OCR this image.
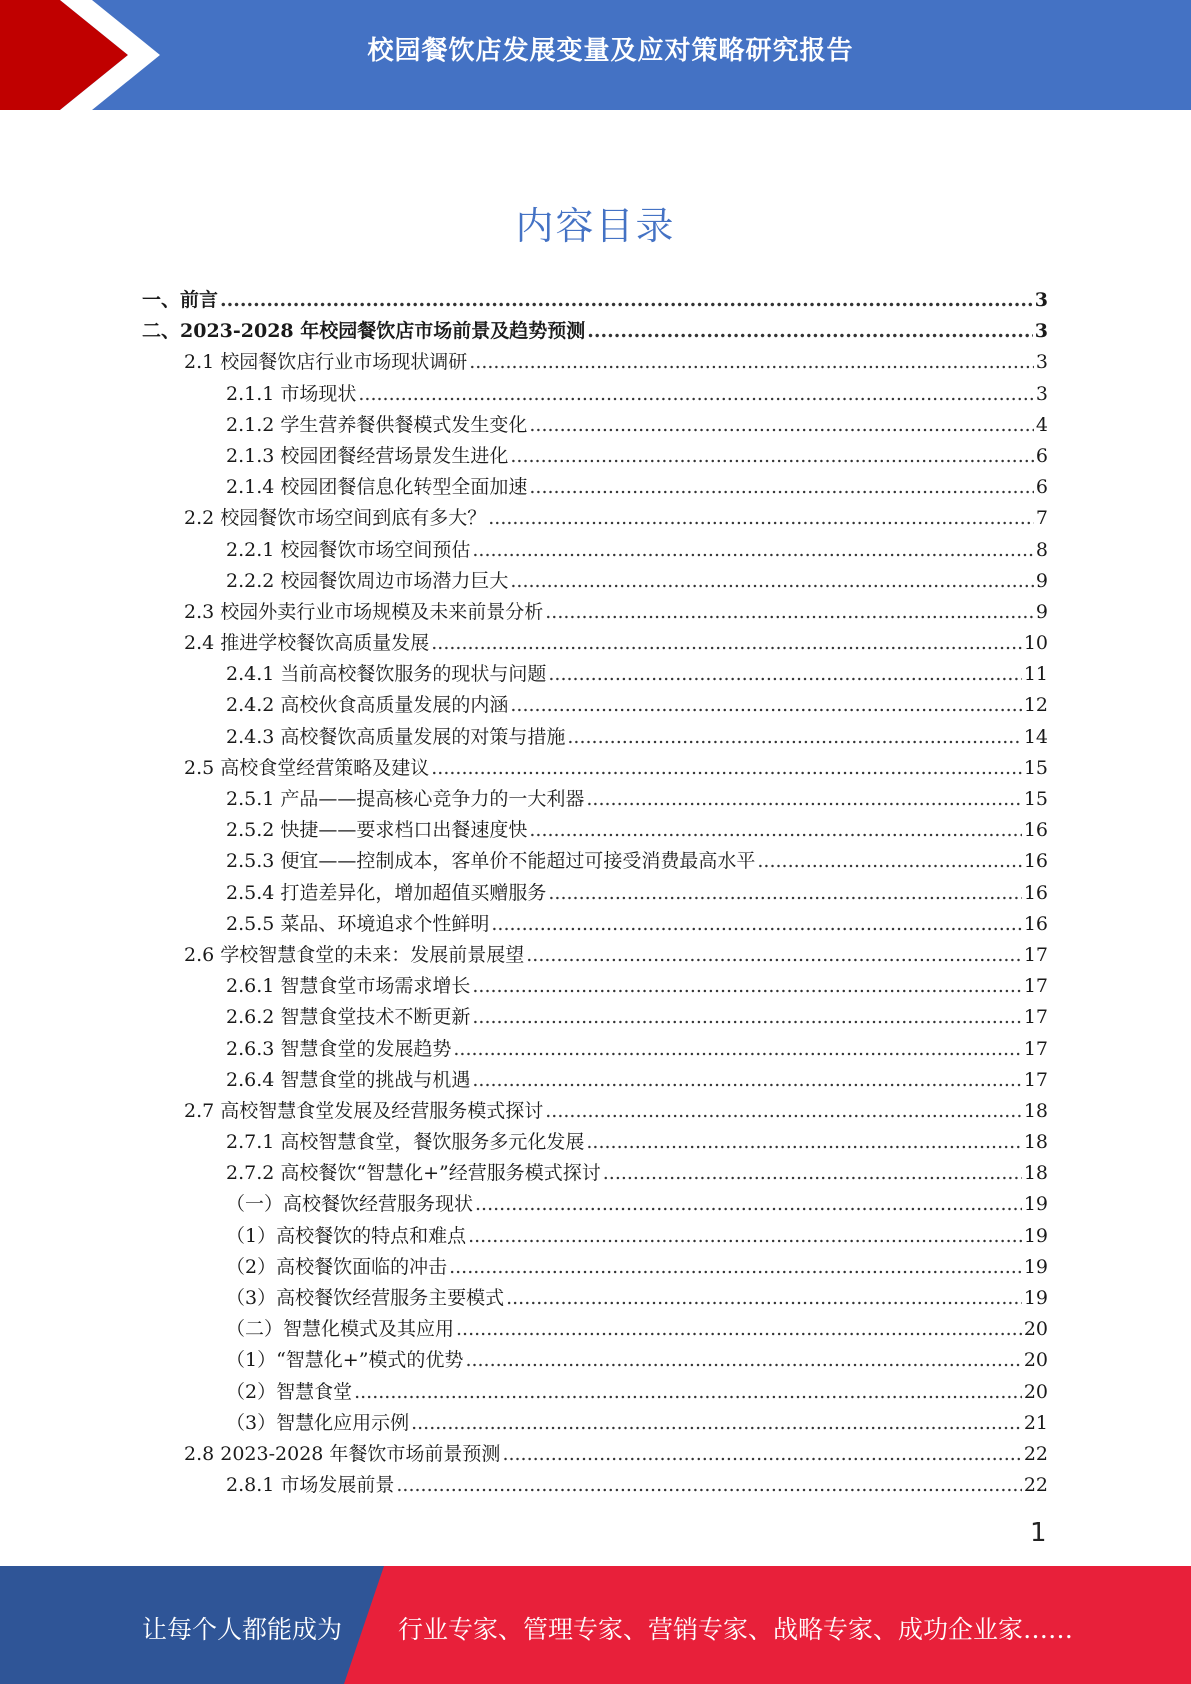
校园餐饮店发展变量及应对策略研究报告
内容目录
一、前言 .....	3
二、2023-2028 年校园餐饮店市场前景及趋势预测 .....	3
2.1 校园餐饮店行业市场现状调研 .....	3
2.1.1 市场现状 .....	3
2.1.2 学生营养餐供餐模式发生变化 .....	4
2.1.3 校园团餐经营场景发生进化 .....	6
2.1.4 校园团餐信息化转型全面加速 .....	6
2.2 校园餐饮市场空间到底有多大？ .....	7
2.2.1 校园餐饮市场空间预估 .....	8
2.2.2 校园餐饮周边市场潜力巨大 .....	9
2.3 校园外卖行业市场规模及未来前景分析 .....	9
2.4 推进学校餐饮高质量发展 .....	10
2.4.1 当前高校餐饮服务的现状与问题 .....	11
2.4.2 高校伙食高质量发展的内涵 .....	12
2.4.3 高校餐饮高质量发展的对策与措施 .....	14
2.5 高校食堂经营策略及建议 .....	15
2.5.1 产品——提高核心竞争力的一大利器 .....	15
2.5.2 快捷——要求档口出餐速度快 .....	16
2.5.3 便宜——控制成本，客单价不能超过可接受消费最高水平 .....	16
2.5.4 打造差异化，增加超值买赠服务 .....	16
2.5.5 菜品、环境追求个性鲜明 .....	16
2.6 学校智慧食堂的未来：发展前景展望 .....	17
2.6.1 智慧食堂市场需求增长 .....	17
2.6.2 智慧食堂技术不断更新 .....	17
2.6.3 智慧食堂的发展趋势 .....	17
2.6.4 智慧食堂的挑战与机遇 .....	17
2.7 高校智慧食堂发展及经营服务模式探讨 .....	18
2.7.1 高校智慧食堂，餐饮服务多元化发展 .....	18
2.7.2 高校餐饮“智慧化+”经营服务模式探讨 .....	18
（一）高校餐饮经营服务现状 .....	19
（1）高校餐饮的特点和难点 .....	19
（2）高校餐饮面临的冲击 .....	19
（3）高校餐饮经营服务主要模式 .....	19
（二）智慧化模式及其应用 .....	20
（1）“智慧化+”模式的优势 .....	20
（2）智慧食堂 .....	20
（3）智慧化应用示例 .....	21
2.8 2023-2028 年餐饮市场前景预测 .....	22
2.8.1 市场发展前景 .....	22
1
让每个人都能成为 行业专家、管理专家、营销专家、战略专家、成功企业家……
